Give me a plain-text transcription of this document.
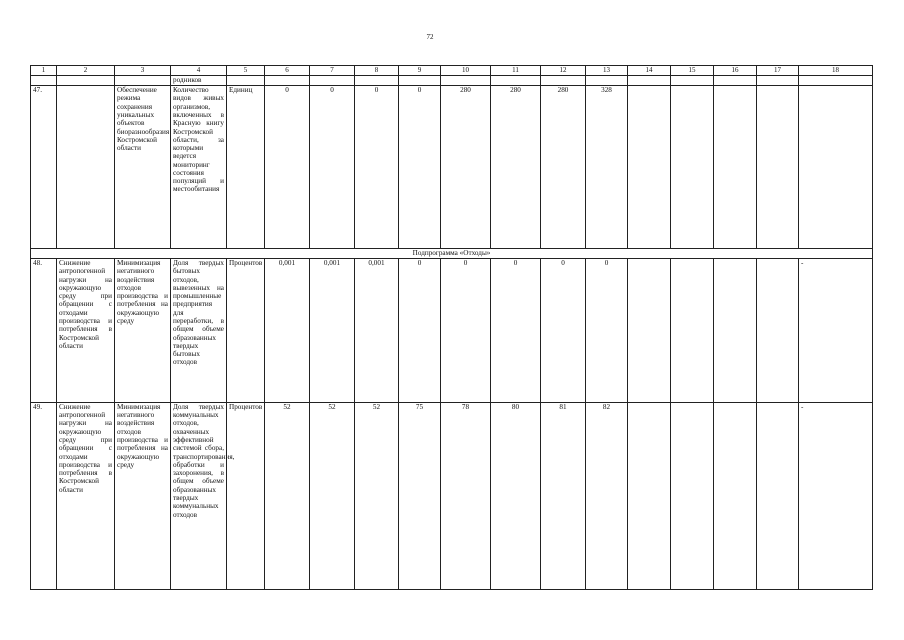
72
1	2	3	4	5	6	7	8	9	10	11	12	13	14	15	16	17	18
			родников														
47.		Обеспечение режима сохранения уникальных объектов биоразнообразия Костромской области	Количество видов живых организмов, включенных в Красную книгу Костромской области, за которыми ведется мониторинг состояния популяций и местообитания	Единиц	0	0	0	0	280	280	280	328					
Подпрограмма «Отходы»																	
48.	Снижение антропогенной нагрузки на окружающую среду при обращении с отходами производства и потребления в Костромской области	Минимизация негативного воздействия отходов производства и потребления на окружающую среду	Доля твердых бытовых отходов, вывезенных на промышленные предприятия для переработки, в общем объеме образованных твердых бытовых отходов	Процентов	0,001	0,001	0,001	0	0	0	0	0					-
49.	Снижение антропогенной нагрузки на окружающую среду при обращении с отходами производства и потребления в Костромской области	Минимизация негативного воздействия отходов производства и потребления на окружающую среду	Доля твердых коммунальных отходов, охваченных эффективной системой сбора, транспортирования, обработки и захоронения, в общем объеме образованных твердых коммунальных отходов	Процентов	52	52	52	75	78	80	81	82					-
